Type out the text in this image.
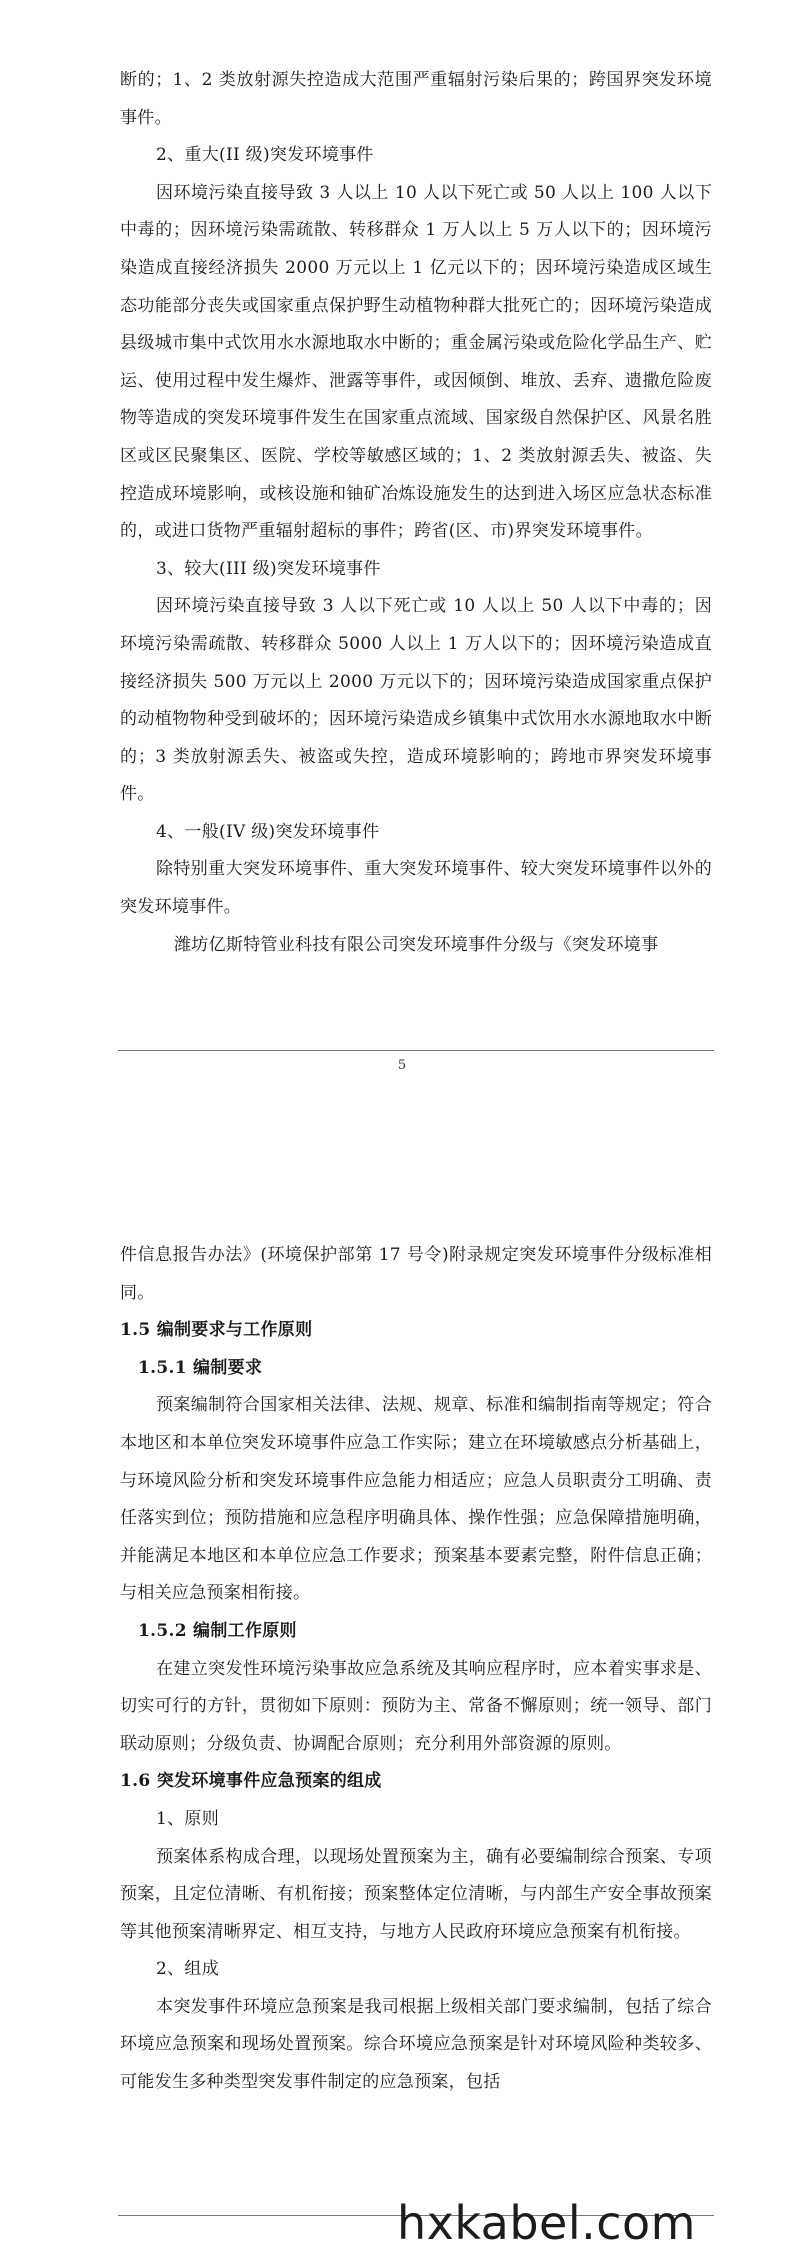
断的；1、2 类放射源失控造成大范围严重辐射污染后果的；跨国界突发环境事件。

2、重大(II 级)突发环境事件

因环境污染直接导致 3 人以上 10 人以下死亡或 50 人以上 100 人以下中毒的；因环境污染需疏散、转移群众 1 万人以上 5 万人以下的；因环境污染造成直接经济损失 2000 万元以上 1 亿元以下的；因环境污染造成区域生态功能部分丧失或国家重点保护野生动植物种群大批死亡的；因环境污染造成县级城市集中式饮用水水源地取水中断的；重金属污染或危险化学品生产、贮运、使用过程中发生爆炸、泄露等事件，或因倾倒、堆放、丢弃、遗撒危险废物等造成的突发环境事件发生在国家重点流域、国家级自然保护区、风景名胜区或区民聚集区、医院、学校等敏感区域的；1、2 类放射源丢失、被盗、失控造成环境影响，或核设施和铀矿冶炼设施发生的达到进入场区应急状态标准的，或进口货物严重辐射超标的事件；跨省(区、市)界突发环境事件。

3、较大(III 级)突发环境事件

因环境污染直接导致 3 人以下死亡或 10 人以上 50 人以下中毒的；因环境污染需疏散、转移群众 5000 人以上 1 万人以下的；因环境污染造成直接经济损失 500 万元以上 2000 万元以下的；因环境污染造成国家重点保护的动植物物种受到破坏的；因环境污染造成乡镇集中式饮用水水源地取水中断的；3 类放射源丢失、被盗或失控，造成环境影响的；跨地市界突发环境事件。

4、一般(IV 级)突发环境事件

除特别重大突发环境事件、重大突发环境事件、较大突发环境事件以外的突发环境事件。

潍坊亿斯特管业科技有限公司突发环境事件分级与《突发环境事

5

件信息报告办法》(环境保护部第 17 号令)附录规定突发环境事件分级标准相同。

1.5 编制要求与工作原则

1.5.1 编制要求

预案编制符合国家相关法律、法规、规章、标准和编制指南等规定；符合本地区和本单位突发环境事件应急工作实际；建立在环境敏感点分析基础上，与环境风险分析和突发环境事件应急能力相适应；应急人员职责分工明确、责任落实到位；预防措施和应急程序明确具体、操作性强；应急保障措施明确，并能满足本地区和本单位应急工作要求；预案基本要素完整，附件信息正确；与相关应急预案相衔接。

1.5.2 编制工作原则

在建立突发性环境污染事故应急系统及其响应程序时，应本着实事求是、切实可行的方针，贯彻如下原则：预防为主、常备不懈原则；统一领导、部门联动原则；分级负责、协调配合原则；充分利用外部资源的原则。

1.6 突发环境事件应急预案的组成

1、原则

预案体系构成合理，以现场处置预案为主，确有必要编制综合预案、专项预案，且定位清晰、有机衔接；预案整体定位清晰，与内部生产安全事故预案等其他预案清晰界定、相互支持，与地方人民政府环境应急预案有机衔接。

2、组成

本突发事件环境应急预案是我司根据上级相关部门要求编制，包括了综合环境应急预案和现场处置预案。综合环境应急预案是针对环境风险种类较多、可能发生多种类型突发事件制定的应急预案，包括

hxkabel.com
